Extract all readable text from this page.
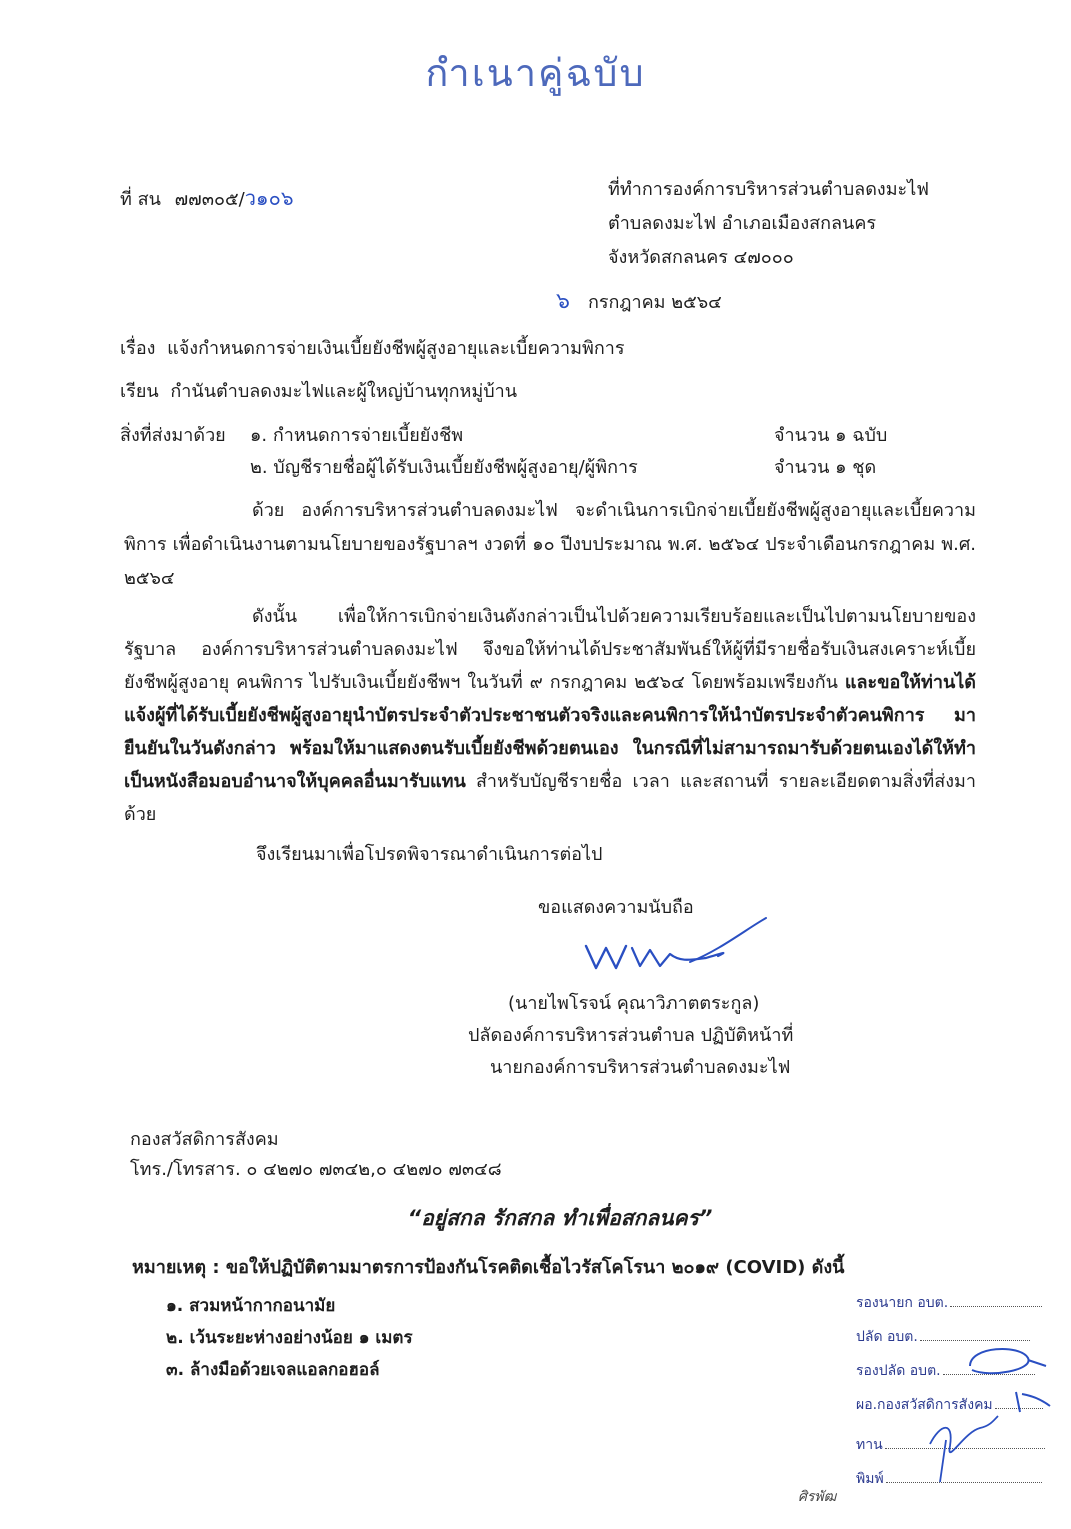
กำเนาคู่ฉบับ
ที่ สน ๗๗๓๐๕/ว๑๐๖	ที่ทำการองค์การบริหารส่วนตำบลดงมะไฟ
ตำบลดงมะไฟ อำเภอเมืองสกลนคร
จังหวัดสกลนคร ๔๗๐๐๐
๖ กรกฎาคม ๒๕๖๔
เรื่อง แจ้งกำหนดการจ่ายเงินเบี้ยยังชีพผู้สูงอายุและเบี้ยความพิการ
เรียน กำนันตำบลดงมะไฟและผู้ใหญ่บ้านทุกหมู่บ้าน
สิ่งที่ส่งมาด้วย ๑. กำหนดการจ่ายเบี้ยยังชีพ	จำนวน ๑ ฉบับ
๒. บัญชีรายชื่อผู้ได้รับเงินเบี้ยยังชีพผู้สูงอายุ/ผู้พิการ	จำนวน ๑ ชุด
ด้วย องค์การบริหารส่วนตำบลดงมะไฟ จะดำเนินการเบิกจ่ายเบี้ยยังชีพผู้สูงอายุและเบี้ยความพิการ เพื่อดำเนินงานตามนโยบายของรัฐบาลฯ งวดที่ ๑๐ ปีงบประมาณ พ.ศ. ๒๕๖๔ ประจำเดือนกรกฎาคม พ.ศ. ๒๕๖๔
ดังนั้น เพื่อให้การเบิกจ่ายเงินดังกล่าวเป็นไปด้วยความเรียบร้อยและเป็นไปตามนโยบายของรัฐบาล องค์การบริหารส่วนตำบลดงมะไฟ จึงขอให้ท่านได้ประชาสัมพันธ์ให้ผู้ที่มีรายชื่อรับเงินสงเคราะห์เบี้ยยังชีพผู้สูงอายุ คนพิการ ไปรับเงินเบี้ยยังชีพฯ ในวันที่ ๙ กรกฎาคม ๒๕๖๔ โดยพร้อมเพรียงกัน และขอให้ท่านได้แจ้งผู้ที่ได้รับเบี้ยยังชีพผู้สูงอายุนำบัตรประจำตัวประชาชนตัวจริงและคนพิการให้นำบัตรประจำตัวคนพิการ มายืนยันในวันดังกล่าว พร้อมให้มาแสดงตนรับเบี้ยยังชีพด้วยตนเอง ในกรณีที่ไม่สามารถมารับด้วยตนเองได้ให้ทำเป็นหนังสือมอบอำนาจให้บุคคลอื่นมารับแทน สำหรับบัญชีรายชื่อ เวลา และสถานที่ รายละเอียดตามสิ่งที่ส่งมาด้วย
จึงเรียนมาเพื่อโปรดพิจารณาดำเนินการต่อไป
ขอแสดงความนับถือ
(นายไพโรจน์ คุณาวิภาตตระกูล)
ปลัดองค์การบริหารส่วนตำบล ปฏิบัติหน้าที่
นายกองค์การบริหารส่วนตำบลดงมะไฟ
กองสวัสดิการสังคม
โทร./โทรสาร. ๐ ๔๒๗๐ ๗๓๔๒,๐ ๔๒๗๐ ๗๓๔๘
“อยู่สกล รักสกล ทำเพื่อสกลนคร”
หมายเหตุ : ขอให้ปฏิบัติตามมาตรการป้องกันโรคติดเชื้อไวรัสโคโรนา ๒๐๑๙ (COVID) ดังนี้
๑. สวมหน้ากากอนามัย
๒. เว้นระยะห่างอย่างน้อย ๑ เมตร
๓. ล้างมือด้วยเจลแอลกอฮอล์
รองนายก อบต.
ปลัด อบต.
รองปลัด อบต.
ผอ.กองสวัสดิการสังคม
ทาน
พิมพ์
ศิรพัฒ
